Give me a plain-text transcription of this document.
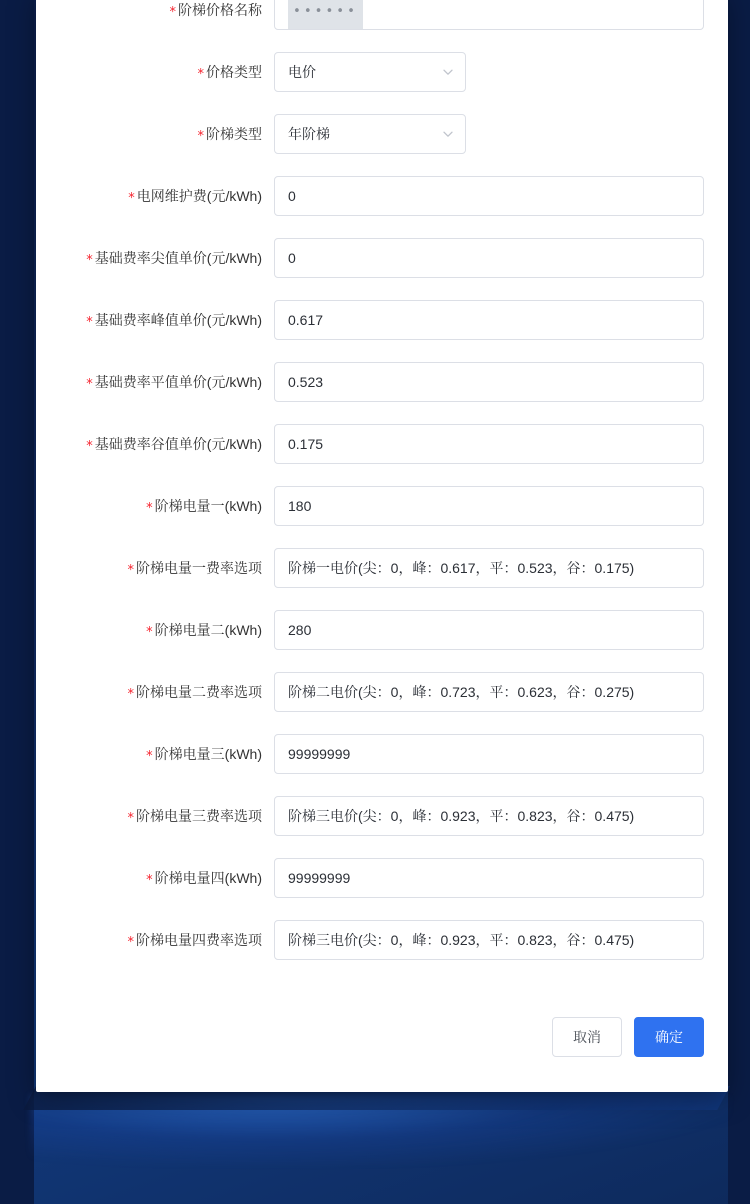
* 阶梯价格名称	••••••
* 价格类型	电价
* 阶梯类型	年阶梯
* 电网维护费(元/kWh)	0
* 基础费率尖值单价(元/kWh)	0
* 基础费率峰值单价(元/kWh)	0.617
* 基础费率平值单价(元/kWh)	0.523
* 基础费率谷值单价(元/kWh)	0.175
* 阶梯电量一(kWh)	180
* 阶梯电量一费率选项	阶梯一电价(尖：0，峰：0.617，平：0.523，谷：0.175)
* 阶梯电量二(kWh)	280
* 阶梯电量二费率选项	阶梯二电价(尖：0，峰：0.723，平：0.623，谷：0.275)
* 阶梯电量三(kWh)	99999999
* 阶梯电量三费率选项	阶梯三电价(尖：0，峰：0.923，平：0.823，谷：0.475)
* 阶梯电量四(kWh)	99999999
* 阶梯电量四费率选项	阶梯三电价(尖：0，峰：0.923，平：0.823，谷：0.475)
取消	确定
